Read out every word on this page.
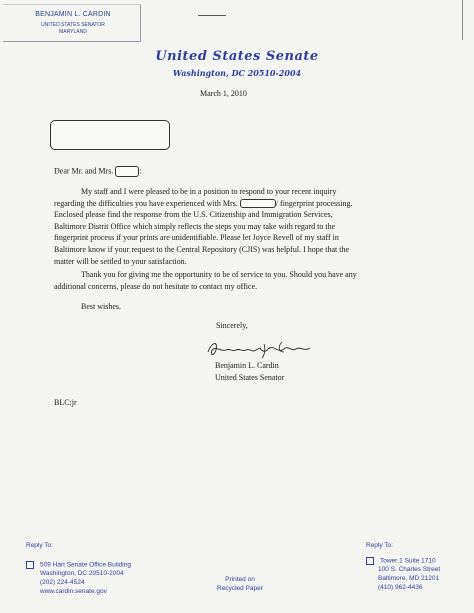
BENJAMIN L. CARDIN
UNITED STATES SENATOR
MARYLAND
United States Senate
Washington, DC 20510-2004
March 1, 2010
Dear Mr. and Mrs.	:
My staff and I were pleased to be in a position to respond to your recent inquiry
regarding the difficulties you have experienced with Mrs.	/ fingerprint processing.
Enclosed please find the response from the U.S. Citizenship and Immigration Services,
Baltimore Distrit Office which simply reflects the steps you may take with regard to the
fingerprint process if your prints are unidentifiable. Please let Joyce Revell of my staff in
Baltimore know if your request to the Central Repository (CJIS) was helpful. I hope that the
matter will be settled to your satisfaction.
Thank you for giving me the opportunity to be of service to you. Should you have any
additional concerns, please do not hesitate to contact my office.
Best wishes.
Sincerely,
Benjamin L. Cardin
United States Senator
BLC:jr
Reply To:
509 Hart Senate Office Building
Washington, DC 20510-2004
(202) 224-4524
www.cardin.senate.gov
Printed on
Recycled Paper
Reply To:
Tower 1 Suite 1710
100 S. Charles Street
Baltimore, MD 21201
(410) 962-4436
